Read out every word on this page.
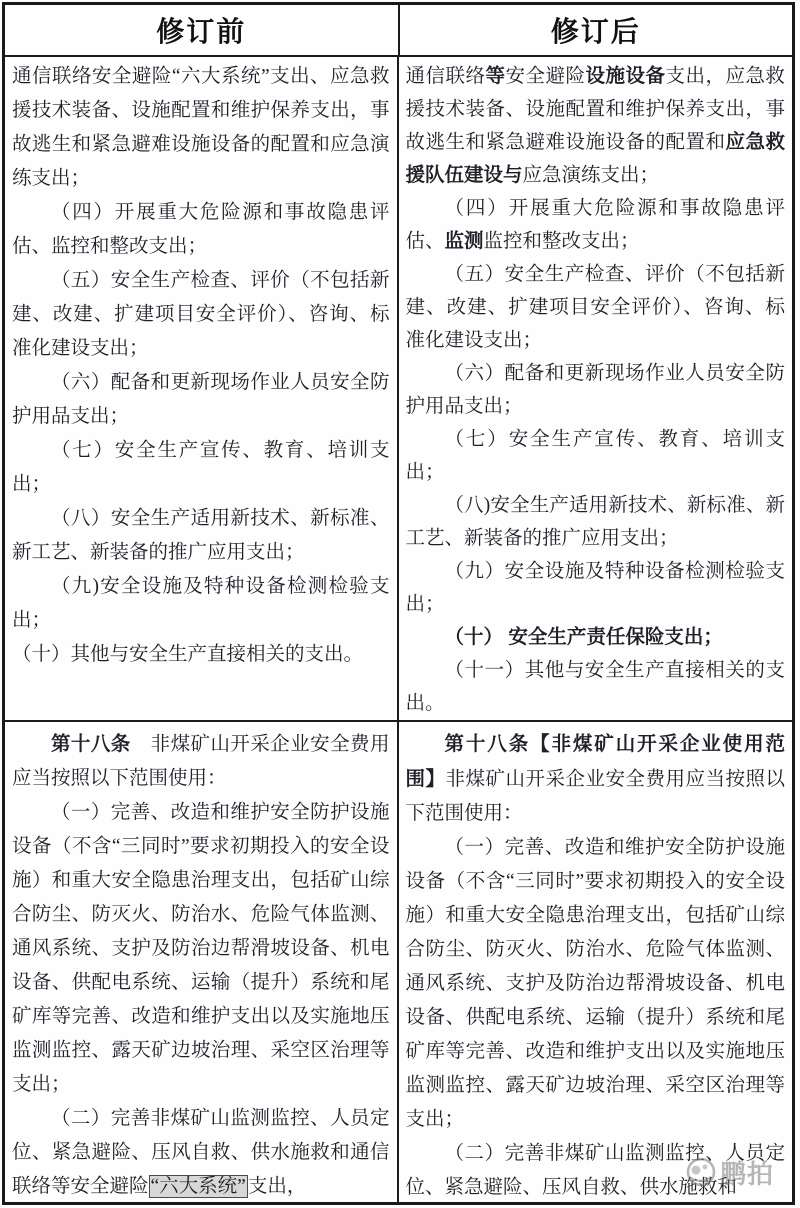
修订前	修订后

通信联络安全避险“六大系统”支出、应急救援技术装备、设施配置和维护保养支出，事故逃生和紧急避难设施设备的配置和应急演练支出；

（四）开展重大危险源和事故隐患评估、监控和整改支出；

（五）安全生产检查、评价（不包括新建、改建、扩建项目安全评价）、咨询、标准化建设支出；

（六）配备和更新现场作业人员安全防护用品支出；

（七）安全生产宣传、教育、培训支出；

（八）安全生产适用新技术、新标准、新工艺、新装备的推广应用支出；

（九)安全设施及特种设备检测检验支出；

（十）其他与安全生产直接相关的支出。

通信联络等安全避险设施设备支出，应急救援技术装备、设施配置和维护保养支出，事故逃生和紧急避难设施设备的配置和应急救援队伍建设与应急演练支出；

（四）开展重大危险源和事故隐患评估、监测监控和整改支出；

（五）安全生产检查、评价（不包括新建、改建、扩建项目安全评价）、咨询、标准化建设支出；

（六）配备和更新现场作业人员安全防护用品支出；

（七）安全生产宣传、教育、培训支出；

（八)安全生产适用新技术、新标准、新工艺、新装备的推广应用支出；

（九）安全设施及特种设备检测检验支出；

（十） 安全生产责任保险支出；

（十一）其他与安全生产直接相关的支出。

第十八条　非煤矿山开采企业安全费用应当按照以下范围使用：

（一）完善、改造和维护安全防护设施设备（不含“三同时”要求初期投入的安全设施）和重大安全隐患治理支出，包括矿山综合防尘、防灭火、防治水、危险气体监测、通风系统、支护及防治边帮滑坡设备、机电设备、供配电系统、运输（提升）系统和尾矿库等完善、改造和维护支出以及实施地压监测监控、露天矿边坡治理、采空区治理等支出；

（二）完善非煤矿山监测监控、人员定位、紧急避险、压风自救、供水施救和通信联络等安全避险 “六大系统” 支出，

第十八条【非煤矿山开采企业使用范围】非煤矿山开采企业安全费用应当按照以下范围使用：

（一）完善、改造和维护安全防护设施设备（不含“三同时”要求初期投入的安全设施）和重大安全隐患治理支出，包括矿山综合防尘、防灭火、防治水、危险气体监测、通风系统、支护及防治边帮滑坡设备、机电设备、供配电系统、运输（提升）系统和尾矿库等完善、改造和维护支出以及实施地压监测监控、露天矿边坡治理、采空区治理等支出；

（二）完善非煤矿山监测监控、人员定位、紧急避险、压风自救、供水施救和

鹏拍
